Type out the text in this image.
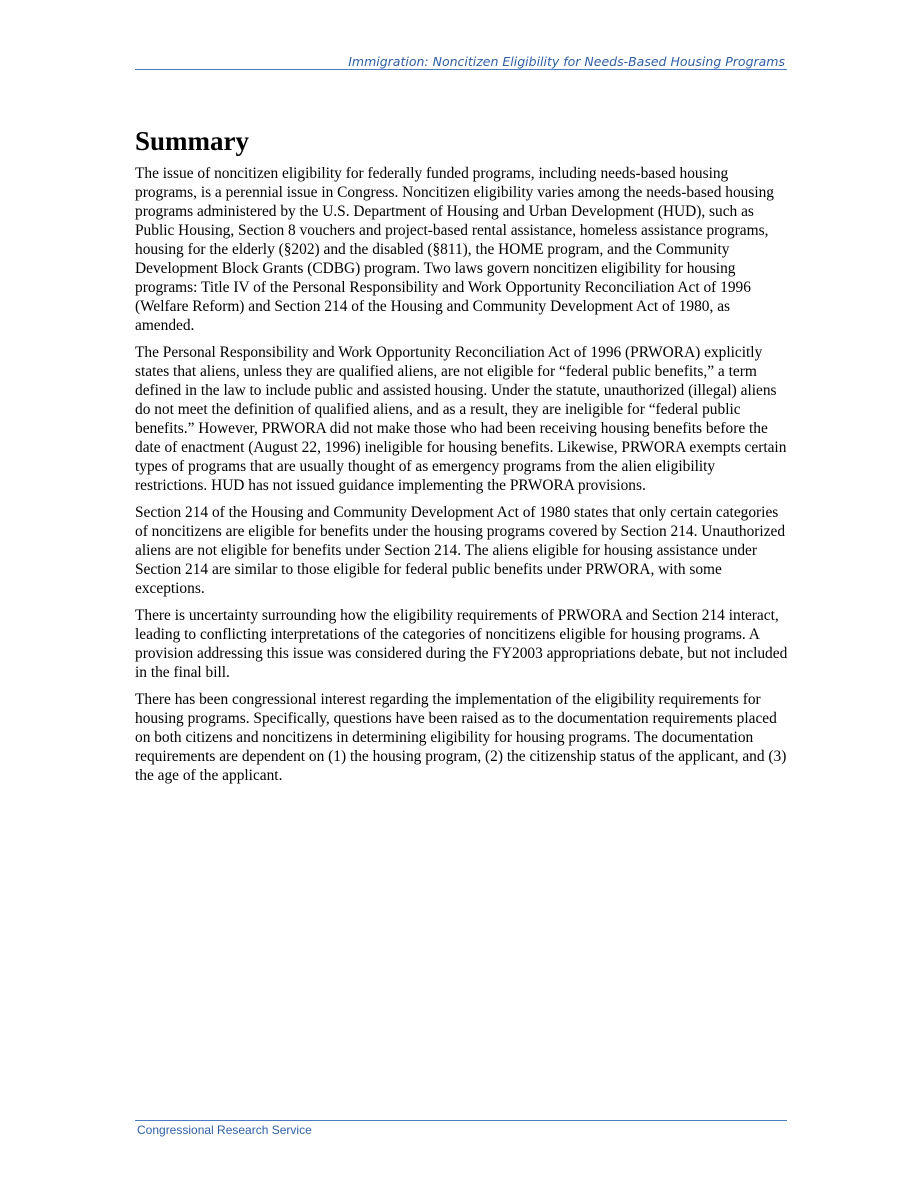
Immigration: Noncitizen Eligibility for Needs-Based Housing Programs
Summary

The issue of noncitizen eligibility for federally funded programs, including needs-based housing programs, is a perennial issue in Congress. Noncitizen eligibility varies among the needs-based housing programs administered by the U.S. Department of Housing and Urban Development (HUD), such as Public Housing, Section 8 vouchers and project-based rental assistance, homeless assistance programs, housing for the elderly (§202) and the disabled (§811), the HOME program, and the Community Development Block Grants (CDBG) program. Two laws govern noncitizen eligibility for housing programs: Title IV of the Personal Responsibility and Work Opportunity Reconciliation Act of 1996 (Welfare Reform) and Section 214 of the Housing and Community Development Act of 1980, as amended.

The Personal Responsibility and Work Opportunity Reconciliation Act of 1996 (PRWORA) explicitly states that aliens, unless they are qualified aliens, are not eligible for “federal public benefits,” a term defined in the law to include public and assisted housing. Under the statute, unauthorized (illegal) aliens do not meet the definition of qualified aliens, and as a result, they are ineligible for “federal public benefits.” However, PRWORA did not make those who had been receiving housing benefits before the date of enactment (August 22, 1996) ineligible for housing benefits. Likewise, PRWORA exempts certain types of programs that are usually thought of as emergency programs from the alien eligibility restrictions. HUD has not issued guidance implementing the PRWORA provisions.

Section 214 of the Housing and Community Development Act of 1980 states that only certain categories of noncitizens are eligible for benefits under the housing programs covered by Section 214. Unauthorized aliens are not eligible for benefits under Section 214. The aliens eligible for housing assistance under Section 214 are similar to those eligible for federal public benefits under PRWORA, with some exceptions.

There is uncertainty surrounding how the eligibility requirements of PRWORA and Section 214 interact, leading to conflicting interpretations of the categories of noncitizens eligible for housing programs. A provision addressing this issue was considered during the FY2003 appropriations debate, but not included in the final bill.

There has been congressional interest regarding the implementation of the eligibility requirements for housing programs. Specifically, questions have been raised as to the documentation requirements placed on both citizens and noncitizens in determining eligibility for housing programs. The documentation requirements are dependent on (1) the housing program, (2) the citizenship status of the applicant, and (3) the age of the applicant.

Congressional Research Service
